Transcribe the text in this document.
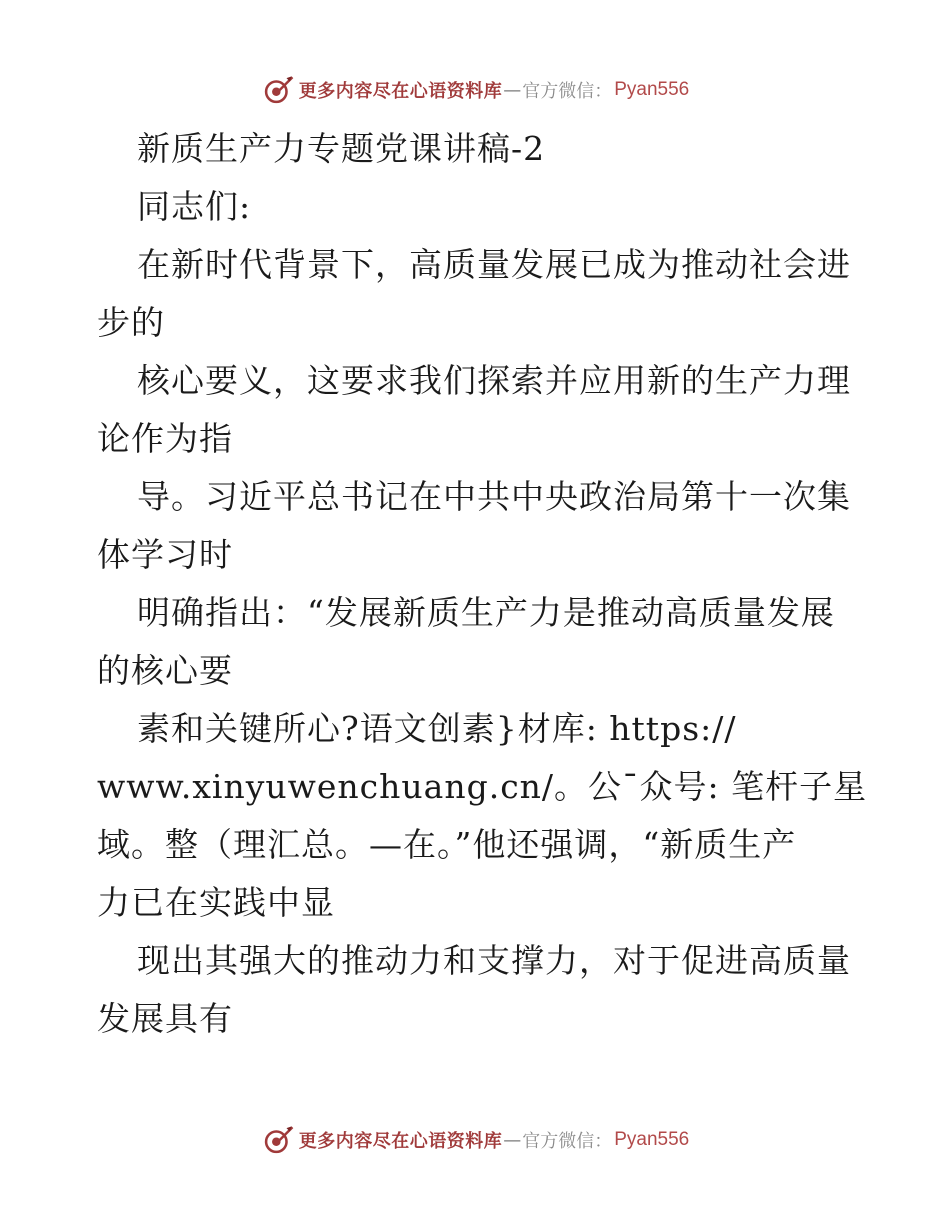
更多内容尽在心语资料库 — 官方微信： Pyan556
新质生产力专题党课讲稿-2
同志们:
在新时代背景下，高质量发展已成为推动社会进
步的
核心要义，这要求我们探索并应用新的生产力理
论作为指
导。习近平总书记在中共中央政治局第十一次集
体学习时
明确指出：“发展新质生产力是推动高质量发展
的核心要
素和关键所心?语文创素}材库: https://
www.xinyuwenchuang.cn/。公¯众号: 笔杆子星
域。整（理汇总。—在。”他还强调，“新质生产
力已在实践中显
现出其强大的推动力和支撑力，对于促进高质量
发展具有
更多内容尽在心语资料库 — 官方微信： Pyan556
